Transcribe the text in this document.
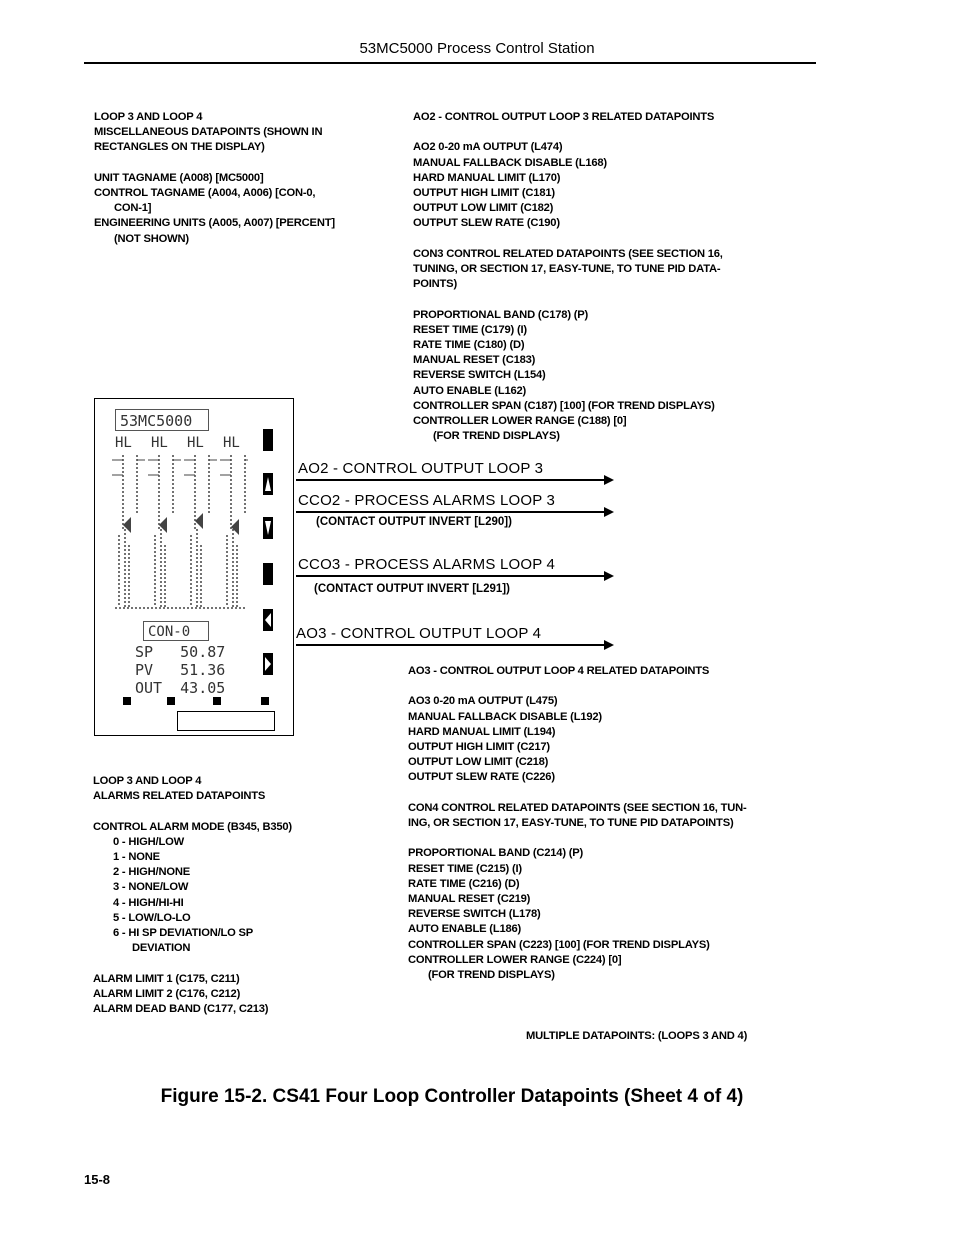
53MC5000 Process Control Station
LOOP 3 AND LOOP 4
MISCELLANEOUS DATAPOINTS (SHOWN IN
RECTANGLES ON THE DISPLAY)
UNIT TAGNAME (A008) [MC5000]
CONTROL TAGNAME (A004, A006) [CON-0,
CON-1]
ENGINEERING UNITS (A005, A007) [PERCENT]
(NOT SHOWN)
AO2 - CONTROL OUTPUT LOOP 3 RELATED DATAPOINTS
AO2 0-20 mA OUTPUT (L474)
MANUAL FALLBACK DISABLE (L168)
HARD MANUAL LIMIT (L170)
OUTPUT HIGH LIMIT (C181)
OUTPUT LOW LIMIT (C182)
OUTPUT SLEW RATE (C190)
CON3 CONTROL RELATED DATAPOINTS (SEE SECTION 16,
TUNING, OR SECTION 17, EASY-TUNE, TO TUNE PID DATA-
POINTS)
PROPORTIONAL BAND (C178) (P)
RESET TIME (C179) (I)
RATE TIME (C180) (D)
MANUAL RESET (C183)
REVERSE SWITCH (L154)
AUTO ENABLE (L162)
CONTROLLER SPAN (C187) [100] (FOR TREND DISPLAYS)
CONTROLLER LOWER RANGE (C188) [0]
(FOR TREND DISPLAYS)
53MC5000
HL HL HL HL
CON-0
SP   50.87
PV   51.36
OUT  43.05
AO2 - CONTROL OUTPUT LOOP 3
CCO2 - PROCESS ALARMS LOOP 3
(CONTACT OUTPUT INVERT [L290])
CCO3 - PROCESS ALARMS LOOP 4
(CONTACT OUTPUT INVERT [L291])
AO3 - CONTROL OUTPUT LOOP 4
AO3 - CONTROL OUTPUT LOOP 4 RELATED DATAPOINTS
AO3 0-20 mA OUTPUT (L475)
MANUAL FALLBACK DISABLE (L192)
HARD MANUAL LIMIT (L194)
OUTPUT HIGH LIMIT (C217)
OUTPUT LOW LIMIT (C218)
OUTPUT SLEW RATE (C226)
CON4 CONTROL RELATED DATAPOINTS (SEE SECTION 16, TUN-
ING, OR SECTION 17, EASY-TUNE, TO TUNE PID DATAPOINTS)
PROPORTIONAL BAND (C214) (P)
RESET TIME (C215) (I)
RATE TIME (C216) (D)
MANUAL RESET (C219)
REVERSE SWITCH (L178)
AUTO ENABLE (L186)
CONTROLLER SPAN (C223) [100] (FOR TREND DISPLAYS)
CONTROLLER LOWER RANGE (C224) [0]
(FOR TREND DISPLAYS)
MULTIPLE DATAPOINTS: (LOOPS 3 AND 4)
LOOP 3 AND LOOP 4
ALARMS RELATED DATAPOINTS
CONTROL ALARM MODE (B345, B350)
0 - HIGH/LOW
1 - NONE
2 - HIGH/NONE
3 - NONE/LOW
4 - HIGH/HI-HI
5 - LOW/LO-LO
6 - HI SP DEVIATION/LO SP
DEVIATION
ALARM LIMIT 1 (C175, C211)
ALARM LIMIT 2 (C176, C212)
ALARM DEAD BAND (C177, C213)
Figure 15-2. CS41 Four Loop Controller Datapoints (Sheet 4 of 4)
15-8
